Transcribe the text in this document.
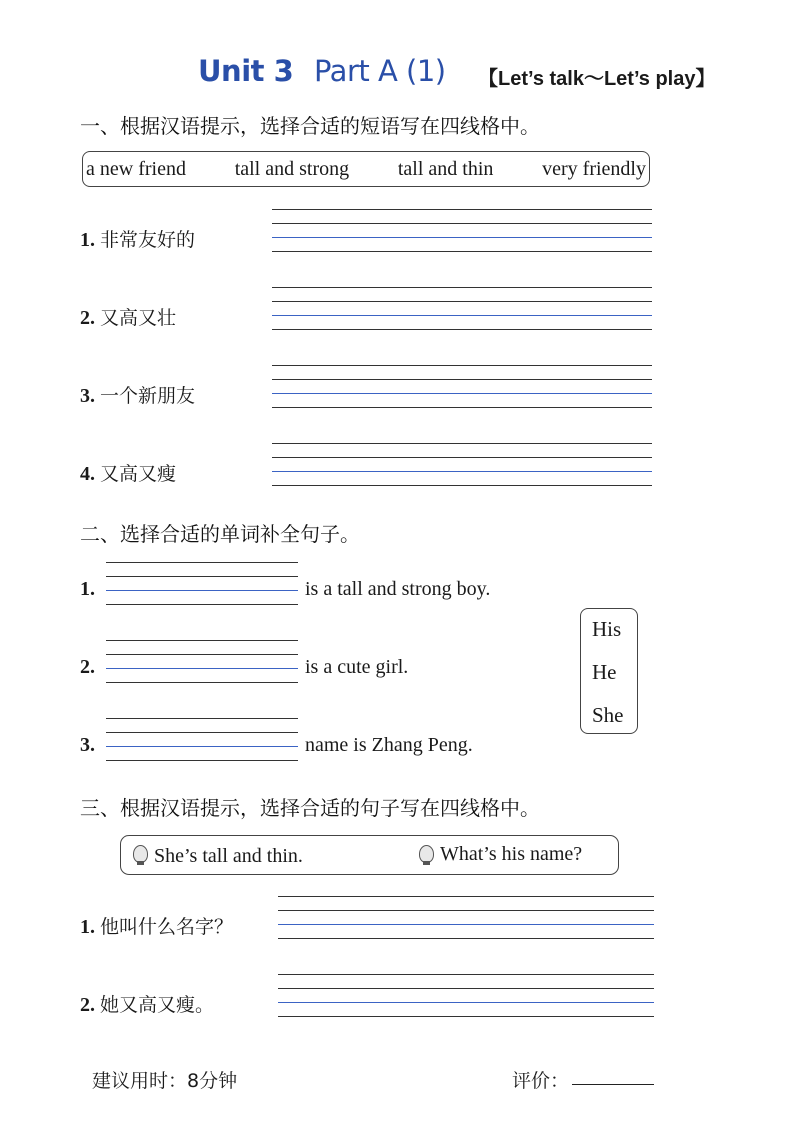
Unit 3 Part A (1) 【Let’s talk～Let’s play】
一、根据汉语提示，选择合适的短语写在四线格中。
a new friend tall and strong tall and thin very friendly
1. 非常友好的
2. 又高又壮
3. 一个新朋友
4. 又高又瘦
二、选择合适的单词补全句子。
1.	is a tall and strong boy.
2.	is a cute girl.
3.	name is Zhang Peng.
His
He
She
三、根据汉语提示，选择合适的句子写在四线格中。
She’s tall and thin.	What’s his name?
1. 他叫什么名字？
2. 她又高又瘦。
建议用时：8分钟	评价：
